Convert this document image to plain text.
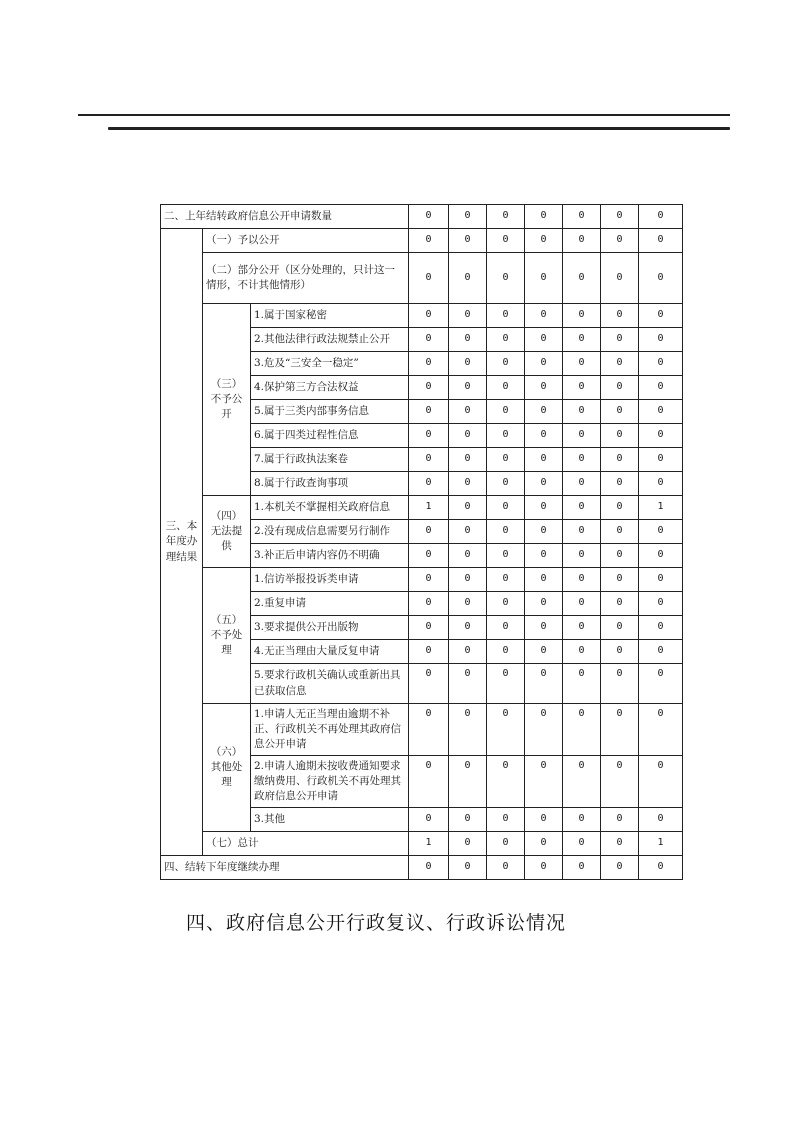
二、上年结转政府信息公开申请数量			0	0	0	0	0	0	0
三、本年度办理结果	（一）予以公开		0	0	0	0	0	0	0
	（二）部分公开（区分处理的，只计这一情形，不计其他情形）		0	0	0	0	0	0	0
	（三）不予公开	1.属于国家秘密	0	0	0	0	0	0	0
		2.其他法律行政法规禁止公开	0	0	0	0	0	0	0
		3.危及“三安全一稳定”	0	0	0	0	0	0	0
		4.保护第三方合法权益	0	0	0	0	0	0	0
		5.属于三类内部事务信息	0	0	0	0	0	0	0
		6.属于四类过程性信息	0	0	0	0	0	0	0
		7.属于行政执法案卷	0	0	0	0	0	0	0
		8.属于行政查询事项	0	0	0	0	0	0	0
	（四）无法提供	1.本机关不掌握相关政府信息	1	0	0	0	0	0	1
		2.没有现成信息需要另行制作	0	0	0	0	0	0	0
		3.补正后申请内容仍不明确	0	0	0	0	0	0	0
	（五）不予处理	1.信访举报投诉类申请	0	0	0	0	0	0	0
		2.重复申请	0	0	0	0	0	0	0
		3.要求提供公开出版物	0	0	0	0	0	0	0
		4.无正当理由大量反复申请	0	0	0	0	0	0	0
		5.要求行政机关确认或重新出具已获取信息	0	0	0	0	0	0	0
	（六）其他处理	1.申请人无正当理由逾期不补正、行政机关不再处理其政府信息公开申请	0	0	0	0	0	0	0
		2.申请人逾期未按收费通知要求缴纳费用、行政机关不再处理其政府信息公开申请	0	0	0	0	0	0	0
		3.其他	0	0	0	0	0	0	0
	（七）总计		1	0	0	0	0	0	1
四、结转下年度继续办理			0	0	0	0	0	0	0
四、政府信息公开行政复议、行政诉讼情况
